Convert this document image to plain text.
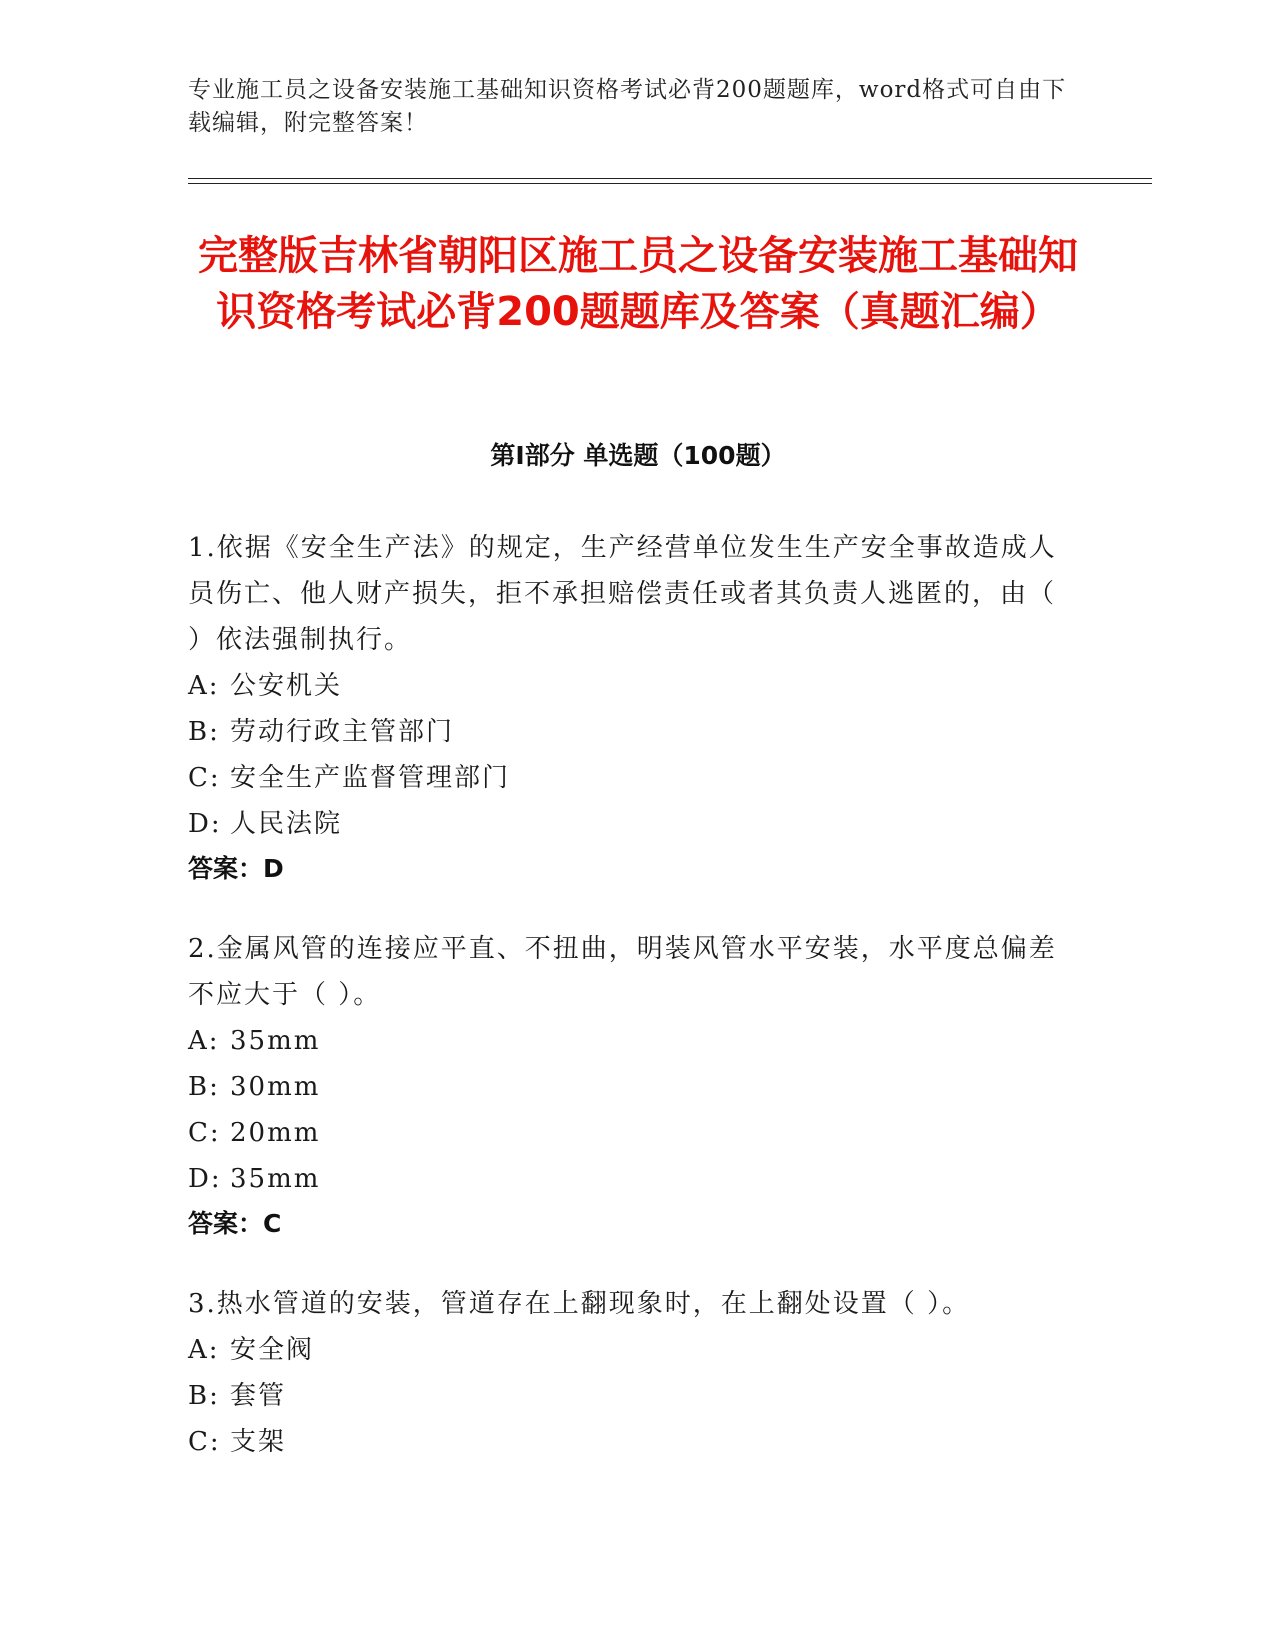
专业施工员之设备安装施工基础知识资格考试必背200题题库，word格式可自由下载编辑，附完整答案！
完整版吉林省朝阳区施工员之设备安装施工基础知识资格考试必背200题题库及答案（真题汇编）
第Ⅰ部分 单选题（100题）

1.依据《安全生产法》的规定，生产经营单位发生生产安全事故造成人员伤亡、他人财产损失，拒不承担赔偿责任或者其负责人逃匿的，由（ ）依法强制执行。

A: 公安机关

B: 劳动行政主管部门

C: 安全生产监督管理部门

D: 人民法院

答案：D

2.金属风管的连接应平直、不扭曲，明装风管水平安装，水平度总偏差不应大于（ ）。

A: 35mm

B: 30mm

C: 20mm

D: 35mm

答案：C

3.热水管道的安装，管道存在上翻现象时，在上翻处设置（ ）。

A: 安全阀

B: 套管

C: 支架
